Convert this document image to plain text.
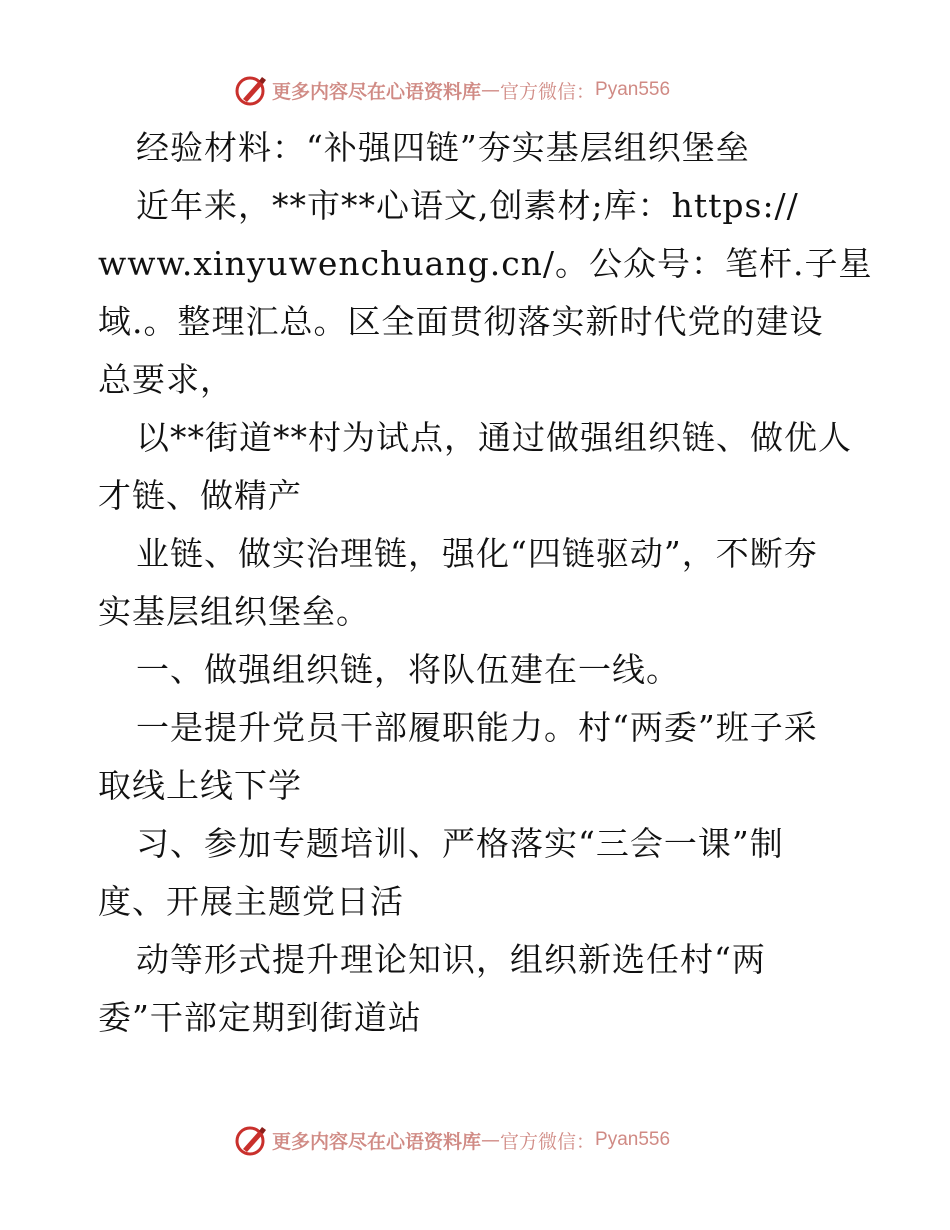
更多内容尽在心语资料库 — 官方微信： Pyan556
经验材料：“补强四链”夯实基层组织堡垒
近年来，**市**心语文,创素材;库：https://
www.xinyuwenchuang.cn/。公众号：笔杆.子星
域.。整理汇总。区全面贯彻落实新时代党的建设
总要求，
以**街道**村为试点，通过做强组织链、做优人
才链、做精产
业链、做实治理链，强化“四链驱动”，不断夯
实基层组织堡垒。
一、做强组织链，将队伍建在一线。
一是提升党员干部履职能力。村“两委”班子采
取线上线下学
习、参加专题培训、严格落实“三会一课”制
度、开展主题党日活
动等形式提升理论知识，组织新选任村“两
委”干部定期到街道站
更多内容尽在心语资料库 — 官方微信： Pyan556
